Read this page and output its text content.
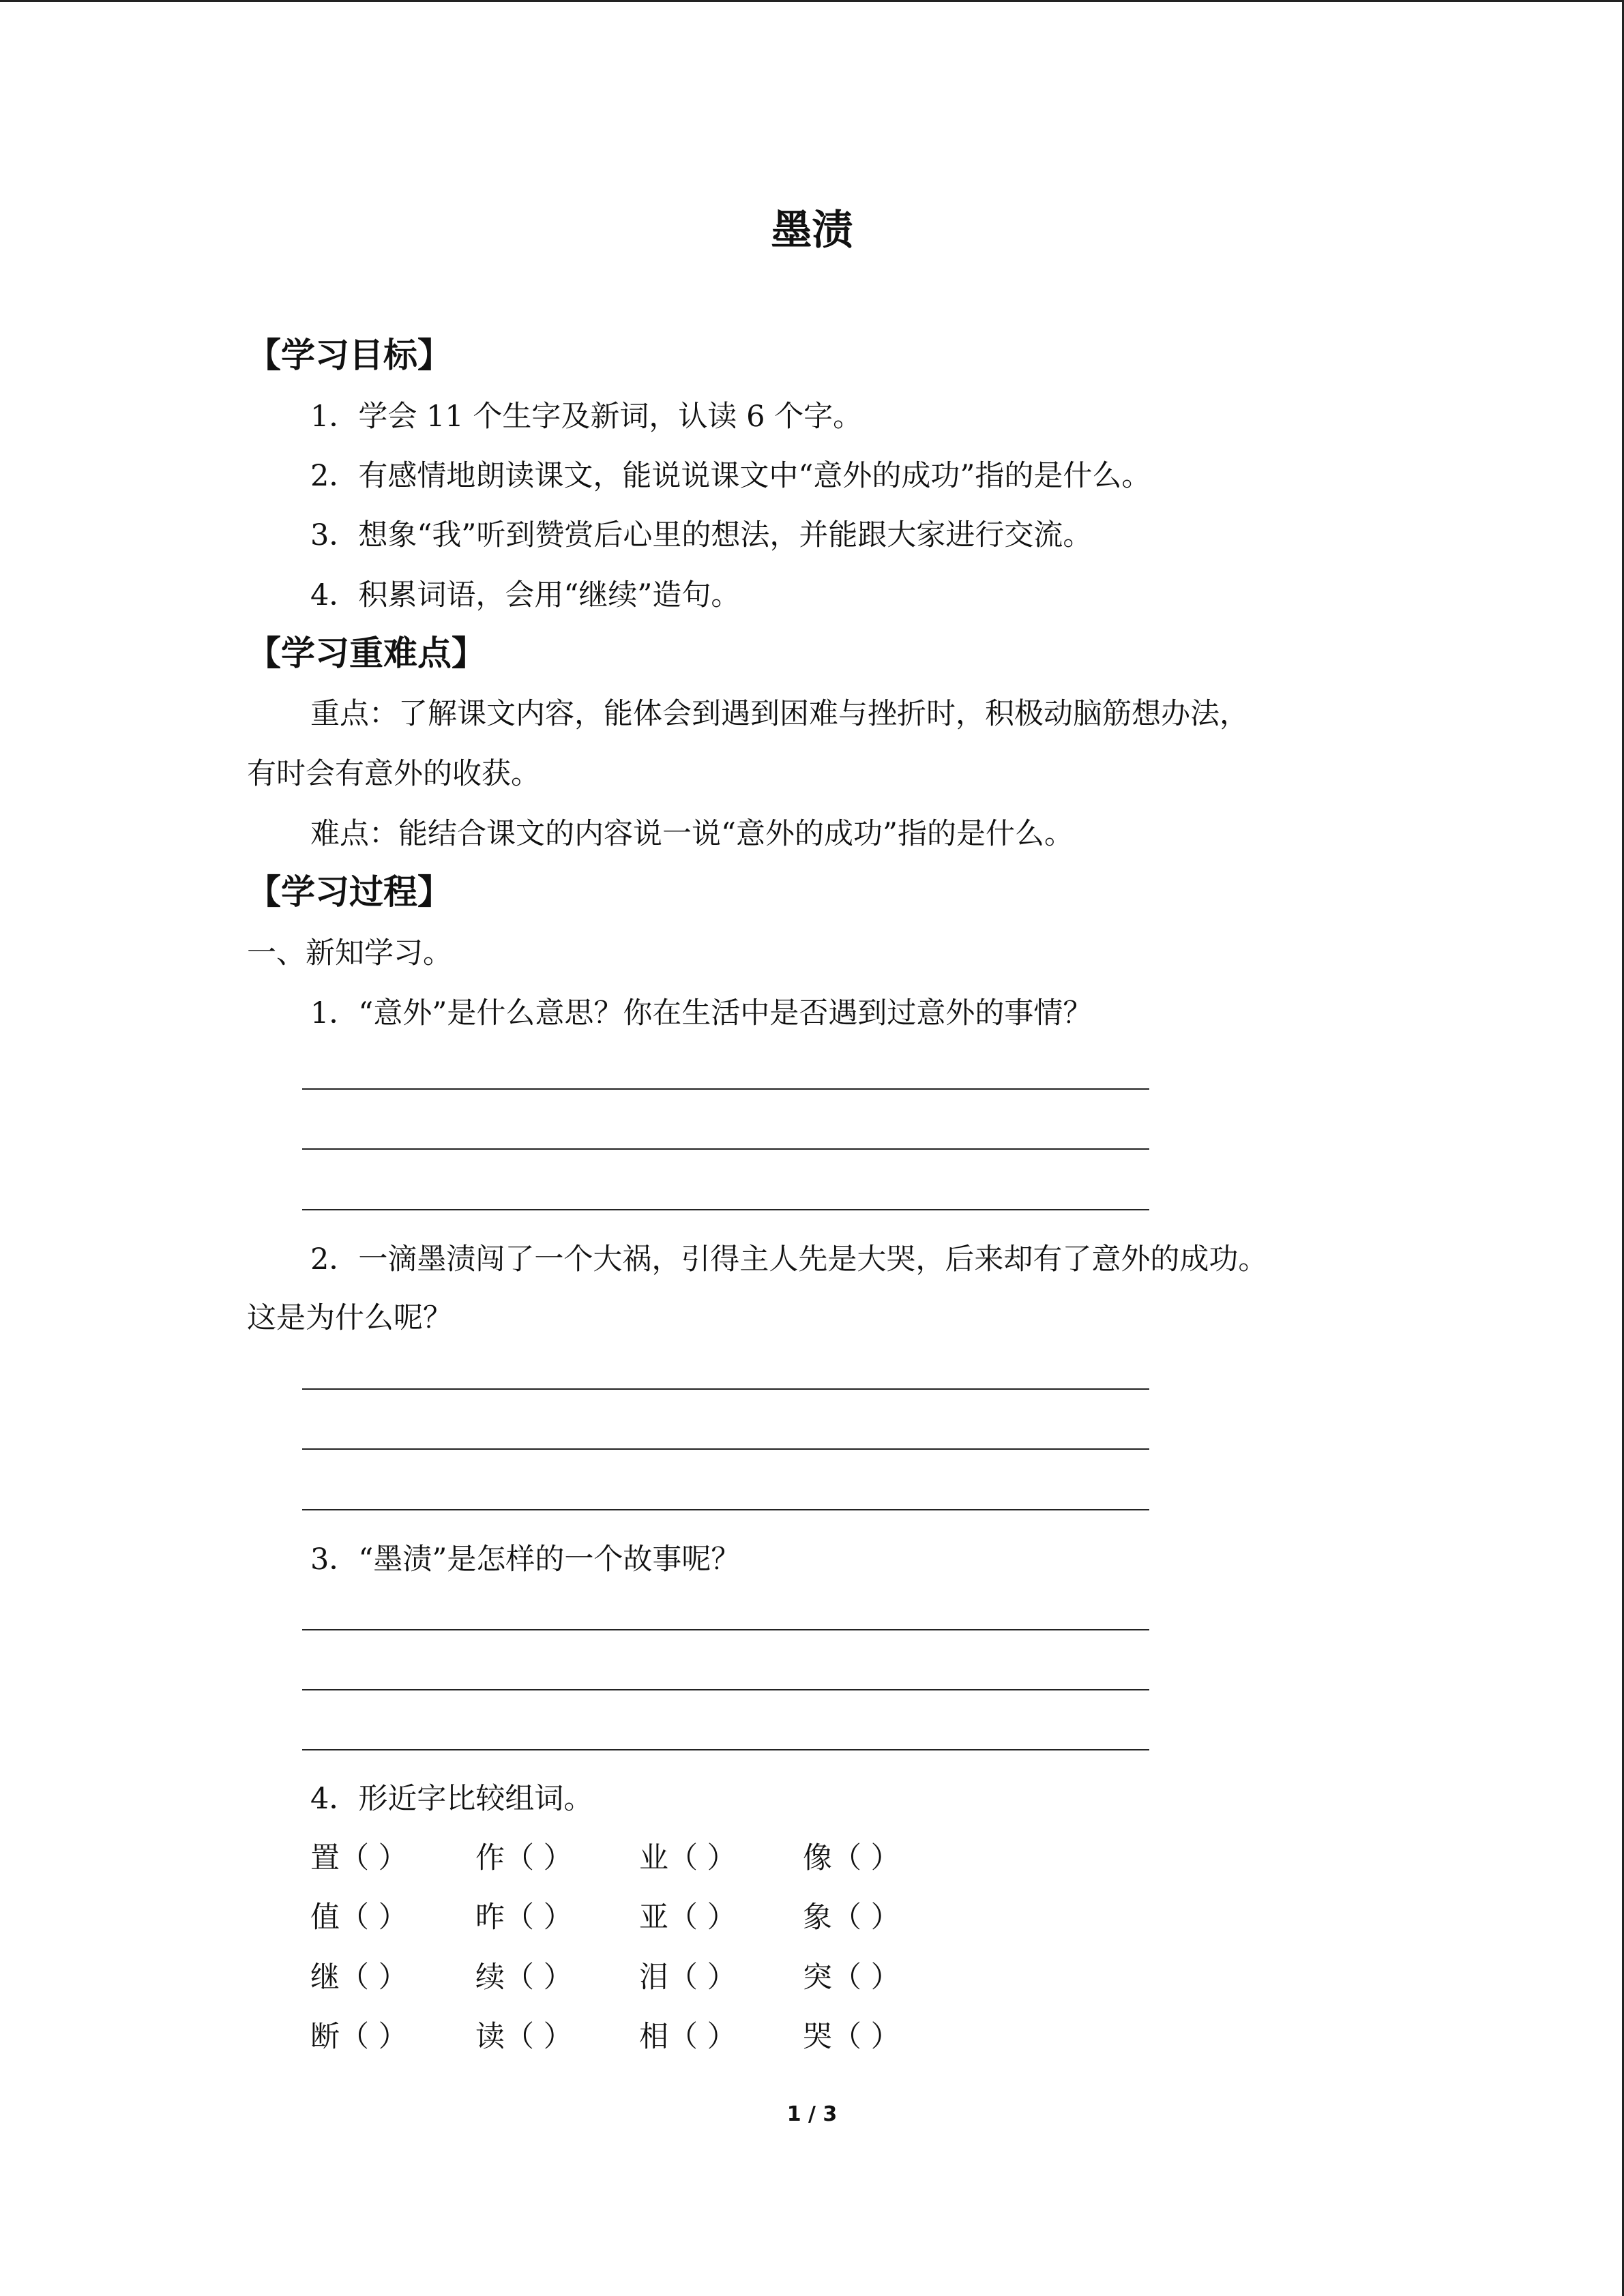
墨渍
【学习目标】
1．学会 11 个生字及新词，认读 6 个字。
2．有感情地朗读课文，能说说课文中“意外的成功”指的是什么。
3．想象“我”听到赞赏后心里的想法，并能跟大家进行交流。
4．积累词语，会用“继续”造句。
【学习重难点】
重点：了解课文内容，能体会到遇到困难与挫折时，积极动脑筋想办法，
有时会有意外的收获。
难点：能结合课文的内容说一说“意外的成功”指的是什么。
【学习过程】
一、新知学习。
1．“意外”是什么意思？你在生活中是否遇到过意外的事情？
2．一滴墨渍闯了一个大祸，引得主人先是大哭，后来却有了意外的成功。
这是为什么呢？
3．“墨渍”是怎样的一个故事呢？
4．形近字比较组词。
置（ ） 作（ ） 业（ ） 像（ ）
值（ ） 昨（ ） 亚（ ） 象（ ）
继（ ） 续（ ） 泪（ ） 突（ ）
断（ ） 读（ ） 相（ ） 哭（ ）
1 / 3
